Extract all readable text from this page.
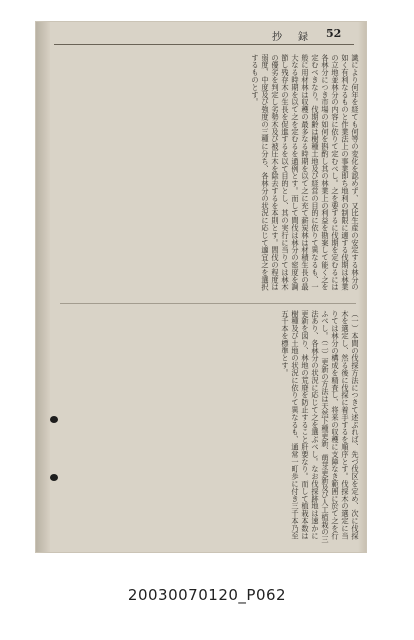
抄　録 52
識により何年を経ても何等の変化を認めず、又比生産の安定する林分の如く有利なるものと作業法上の事業即ち地利の制限に適する伐期は林業の立地並林分の内容に依りて定むべし。之を要するに伐期を定むるには各林分につき市場の如何を斟酌し其の林業上の利益を勘案して能く之を定むべきなり。伐期齢は樹種土地及び経営の目的に依りて異なるも、一般に用材林は収穫の最多なる時期を以て之に充て薪炭林は材積生長の最大なる時期を以て之を定むるを通例とす。而して間伐は林分の密度を調節し残存木の生長を促進するを以て目的とし、其の実行に当りては林木の優劣を判定し劣勢木及び被圧木を除去するを本則とす。間伐の程度は弱度、中度及び強度の三種に分ち、各林分の状況に応じて適宜之を選択するものとす。
（一）本間の伐採方法につきて述ぶれば、先づ伐区を定め、次に伐採木を選定し、然る後に伐採に着手するを順序とす。伐採木の選定に当りては林分の構成を精査し、将来の収穫に支障なき範囲に於て之を行ふべし。（二）更新の方法は天然下種更新、萌芽更新及び人工植栽の三法あり、各林分の状況に応じて之を選ぶべし。なお伐採跡地は速かに更新を図り、林地の荒廃を防止すること肝要なり。而して植栽本数は樹種及び土地の状況に依りて異なるも、通常一町歩に付き三千本乃至五千本を標準とす。
20030070120_P062
